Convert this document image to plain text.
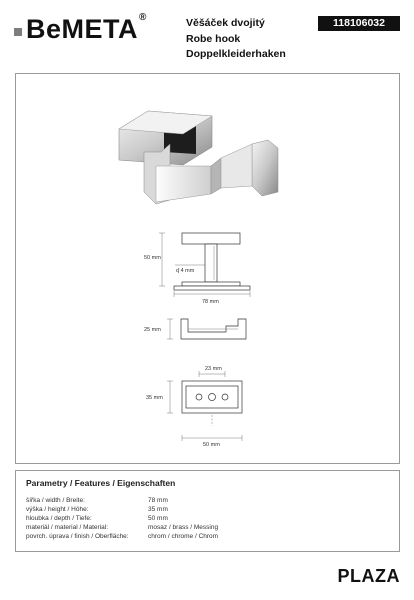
BeMETA ®	Věšáček dvojitý
Robe hook
Doppelkleiderhaken
118106032
50 mm
ʠ 4 mm
78 mm
25 mm
23 mm
35 mm
50 mm
Parametry / Features / Eigenschaften
šířka / width / Breite:	78 mm
výška / height / Höhe:	35 mm
hloubka / depth / Tiefe:	50 mm
materiál / material / Material:	mosaz / brass / Messing
povrch. úprava / finish / Oberfläche:	chrom / chrome / Chrom
PLAZA
